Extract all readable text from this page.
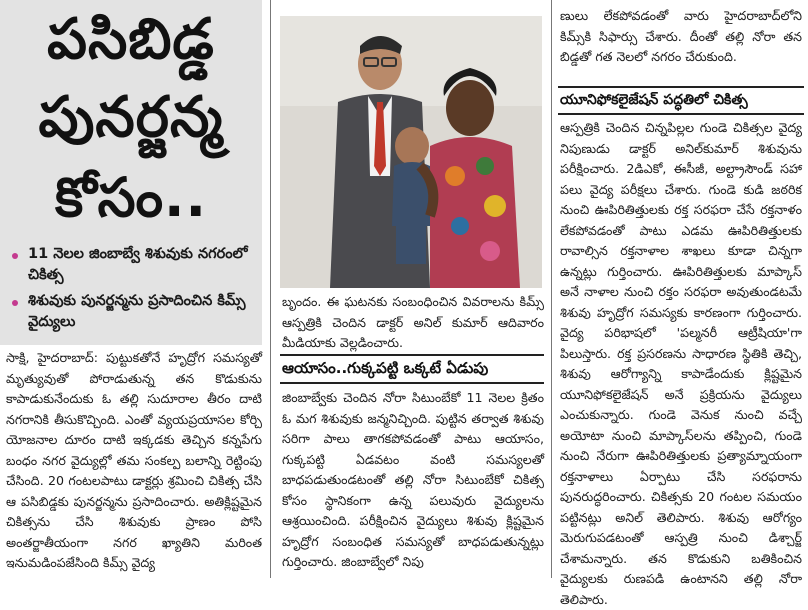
పసిబిడ్డ
పునర్జన్మ
కోసం..
11 నెలల జింబాబ్వే శిశువుకు నగరంలో చికిత్స
శిశువుకు పునర్జన్మను ప్రసాదించిన కిమ్స్ వైద్యులు
సాక్షి, హైదరాబాద్: పుట్టుకతోనే హృద్రోగ సమస్యతో మృత్యువుతో పోరాడుతున్న తన కొడుకును కాపాడుకునేందుకు ఓ తల్లి సుదూరాల తీరం దాటి నగరానికి తీసుకొచ్చింది. ఎంతో వ్యయప్రయాసల కోర్చి యోజనాల దూరం దాటి ఇక్కడకు తెచ్చిన కన్నపేగు బంధం నగర వైద్యుల్లో తమ సంకల్ప బలాన్ని రెట్టింపు చేసింది. 20 గంటలపాటు డాక్టర్లు శ్రమించి చికిత్స చేసి ఆ పసిబిడ్డకు పునర్జన్మను ప్రసాదించారు. అతిక్లిష్టమైన చికిత్సను చేసి శిశువుకు ప్రాణం పోసి అంతర్జాతీయంగా నగర ఖ్యాతిని మరింత ఇనుమడింపజేసింది కిమ్స్ వైద్య
బృందం. ఈ ఘటనకు సంబంధించిన వివరాలను కిమ్స్ ఆస్పత్రికి చెందిన డాక్టర్ అనిల్ కుమార్ ఆదివారం మీడియాకు వెల్లడించారు.
ఆయాసం..గుక్కపట్టి ఒక్కటే ఏడుపు
జింబాబ్వేకు చెందిన నోరా సిటుంబేకో 11 నెలల క్రితం ఓ మగ శిశువుకు జన్మనిచ్చింది. పుట్టిన తర్వాత శిశువు సరిగా పాలు తాగకపోవడంతో పాటు ఆయాసం, గుక్కపట్టి ఏడవటం వంటి సమస్యలతో బాధపడుతుండటంతో తల్లి నోరా సిటుంబేకో చికిత్స కోసం స్థానికంగా ఉన్న పలువురు వైద్యులను ఆశ్రయించింది. పరీక్షించిన వైద్యులు శిశువు క్లిష్టమైన హృద్రోగ సంబంధిత సమస్యతో బాధపడుతున్నట్లు గుర్తించారు. జింబాబ్వేలో నిపు
ణులు లేకపోవడంతో వారు హైదరాబాద్‌లోని కిమ్స్‌కి సిఫార్సు చేశారు. దీంతో తల్లి నోరా తన బిడ్డతో గత నెలలో నగరం చేరుకుంది.
యూనిఫోకలైజేషన్ పద్ధతిలో చికిత్స
ఆస్పత్రికి చెందిన చిన్నపిల్లల గుండె చికిత్సల వైద్య నిపుణుడు డాక్టర్ అనిల్‌కుమార్ శిశువును పరీక్షించారు. 2డిఎకో, ఈసీజీ, అల్ట్రాసౌండ్ సహా పలు వైద్య పరీక్షలు చేశారు. గుండె కుడి జఠరిక నుంచి ఊపిరితిత్తులకు రక్త సరఫరా చేసే రక్తనాళం లేకపోవడంతో పాటు ఎడమ ఊపిరితిత్తులకు రావాల్సిన రక్తనాళాల శాఖలు కూడా చిన్నగా ఉన్నట్లు గుర్తించారు. ఊపిరితిత్తులకు మాప్కాస్ అనే నాళాల నుంచి రక్తం సరఫరా అవుతుండటమే శిశువు హృద్రోగ సమస్యకు కారణంగా గుర్తించారు. వైద్య పరిభాషలో 'పల్మనరీ ఆట్రీషియా'గా పిలుస్తారు. రక్త ప్రసరణను సాధారణ స్థితికి తెచ్చి, శిశువు ఆరోగ్యాన్ని కాపాడేందుకు క్లిష్టమైన యూనిఫోకలైజేషన్ అనే ప్రక్రియను వైద్యులు ఎంచుకున్నారు. గుండె వెనుక నుంచి వచ్చే అయోటా నుంచి మాప్కాస్‌లను తప్పించి, గుండె నుంచి నేరుగా ఊపిరితిత్తులకు ప్రత్యామ్నాయంగా రక్తనాళాలు ఏర్పాటు చేసి సరఫరాను పునరుద్ధరించారు. చికిత్సకు 20 గంటల సమయం పట్టినట్లు అనిల్ తెలిపారు. శిశువు ఆరోగ్యం మెరుగుపడటంతో ఆస్పత్రి నుంచి డిశ్చార్జ్ చేశామన్నారు. తన కొడుకుని బతికించిన వైద్యులకు రుణపడి ఉంటానని తల్లి నోరా తెలిపారు.
